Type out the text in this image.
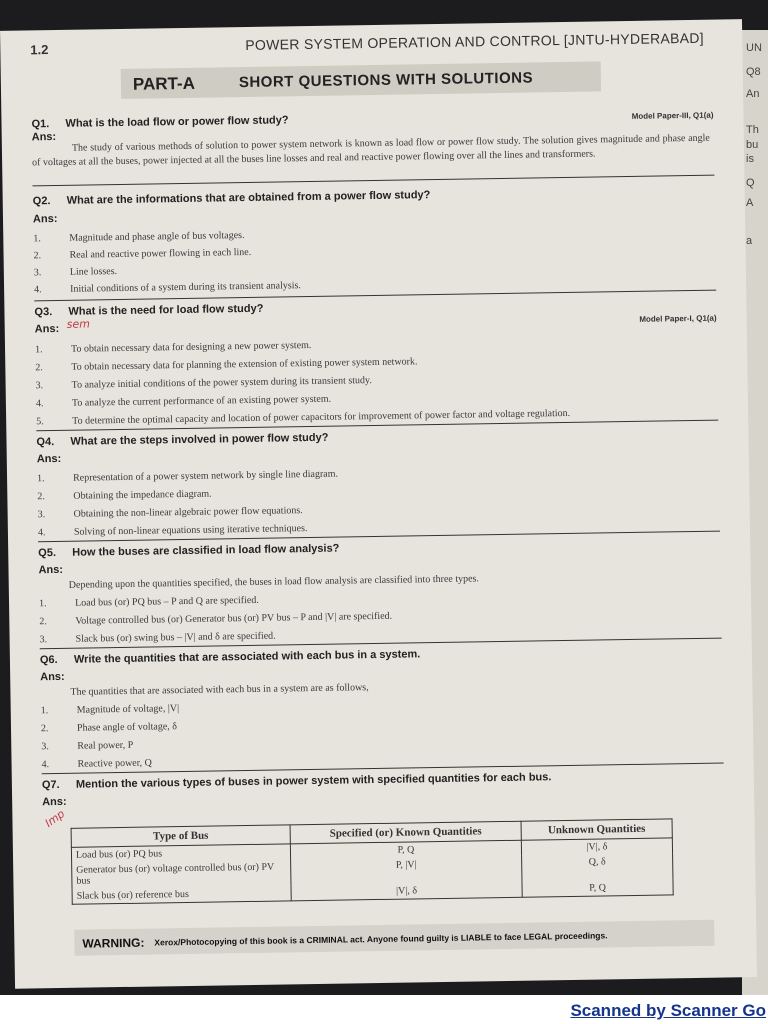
UN
Q8
An
Th
bu
is
Q
A
a
1.2	POWER SYSTEM OPERATION AND CONTROL [JNTU-HYDERABAD]
PART-A	SHORT QUESTIONS WITH SOLUTIONS
Q1. What is the load flow or power flow study?	Model Paper-III, Q1(a)
Ans:	The study of various methods of solution to power system network is known as load flow or power flow study. The solution gives magnitude and phase angle of voltages at all the buses, power injected at all the buses line losses and real and reactive power flowing over all the lines and transformers.
Q2. What are the informations that are obtained from a power flow study?
Ans:
1.	Magnitude and phase angle of bus voltages.
2.	Real and reactive power flowing in each line.
3.	Line losses.
4.	Initial conditions of a system during its transient analysis.
Q3. What is the need for load flow study?
Ans: sem	Model Paper-I, Q1(a)
1.	To obtain necessary data for designing a new power system.
2.	To obtain necessary data for planning the extension of existing power system network.
3.	To analyze initial conditions of the power system during its transient study.
4.	To analyze the current performance of an existing power system.
5.	To determine the optimal capacity and location of power capacitors for improvement of power factor and voltage regulation.
Q4. What are the steps involved in power flow study?
Ans:
1.	Representation of a power system network by single line diagram.
2.	Obtaining the impedance diagram.
3.	Obtaining the non-linear algebraic power flow equations.
4.	Solving of non-linear equations using iterative techniques.
Q5. How the buses are classified in load flow analysis?
Ans:
Depending upon the quantities specified, the buses in load flow analysis are classified into three types.
1.	Load bus (or) PQ bus – P and Q are specified.
2.	Voltage controlled bus (or) Generator bus (or) PV bus – P and |V| are specified.
3.	Slack bus (or) swing bus – |V| and δ are specified.
Q6. Write the quantities that are associated with each bus in a system.
Ans:
The quantities that are associated with each bus in a system are as follows,
1.	Magnitude of voltage, |V|
2.	Phase angle of voltage, δ
3.	Real power, P
4.	Reactive power, Q
Q7. Mention the various types of buses in power system with specified quantities for each bus.
Ans:
Imp
Type of Bus	Specified (or) Known Quantities	Unknown Quantities
Load bus (or) PQ bus	P, Q	|V|, δ
Generator bus (or) voltage controlled bus (or) PV bus	P, |V|	Q, δ
Slack bus (or) reference bus	|V|, δ	P, Q
WARNING: Xerox/Photocopying of this book is a CRIMINAL act. Anyone found guilty is LIABLE to face LEGAL proceedings.
Scanned by Scanner Go
